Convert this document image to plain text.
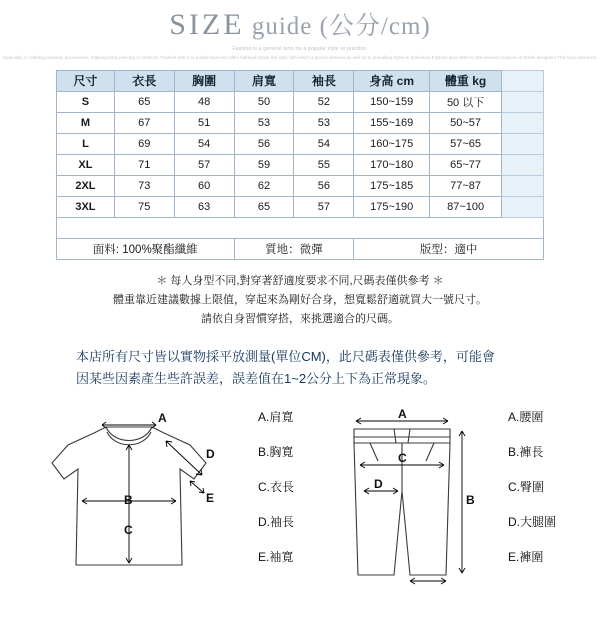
SIZE guide (公分/cm)
Fashion is a general term for a popular style or practice.
especially in clothing,footwear, accessories, makeup,body piercing or furniture. Fashion refers to a distinctive and often habitual trends the style with which a person dresses,as well as to prevailing styles in behaviour.Fashion also refers to the newest creations of textile designers.The horizontal term.
尺寸	衣長	胸圍	肩寬	袖長	身高 cm	體重 kg	
S	65	48	50	52	150~159	50 以下	
M	67	51	53	53	155~169	50~57	
L	69	54	56	54	160~175	57~65	
XL	71	57	59	55	170~180	65~77	
2XL	73	60	62	56	175~185	77~87	
3XL	75	63	65	57	175~190	87~100	

面料: 100%聚酯纖維			質地：微彈		版型：適中		
＊ 每人身型不同,對穿著舒適度要求不同,尺碼表僅供參考 ＊
體重靠近建議數據上限值，穿起來為剛好合身，想寬鬆舒適就買大一號尺寸。
請依自身習慣穿搭，來挑選適合的尺碼。
本店所有尺寸皆以實物採平放測量(單位CM)，此尺碼表僅供參考，可能會
因某些因素產生些許誤差，誤差值在1~2公分上下為正常現象。
A
B
C
D
E
A.肩寬
B.胸寬
C.衣長
D.袖長
E.袖寬
A
B
C
D
A.腰圍
B.褲長
C.臀圍
D.大腿圍
E.褲圍
